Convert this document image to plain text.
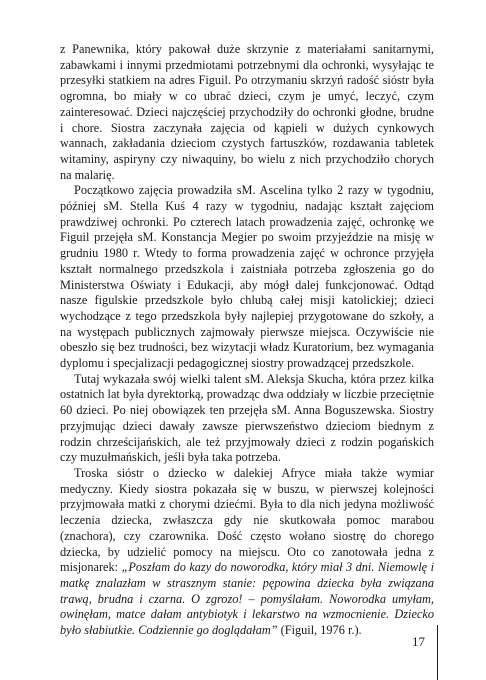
z Panewnika, który pakował duże skrzynie z materiałami sanitarnymi, zabawkami i innymi przedmiotami potrzebnymi dla ochronki, wysyłając te przesyłki statkiem na adres Figuil. Po otrzymaniu skrzyń radość sióstr była ogromna, bo miały w co ubrać dzieci, czym je umyć, leczyć, czym zainteresować. Dzieci najczęściej przychodziły do ochronki głodne, brudne i chore. Siostra zaczynała zajęcia od kąpieli w dużych cynkowych wannach, zakładania dzieciom czystych fartuszków, rozdawania tabletek witaminy, aspiryny czy niwaquiny, bo wielu z nich przychodziło chorych na malarię.

Początkowo zajęcia prowadziła sM. Ascelina tylko 2 razy w tygodniu, później sM. Stella Kuś 4 razy w tygodniu, nadając kształt zajęciom prawdziwej ochronki. Po czterech latach prowadzenia zajęć, ochronkę we Figuil przejęła sM. Konstancja Megier po swoim przyjeździe na misję w grudniu 1980 r. Wtedy to forma prowadzenia zajęć w ochronce przyjęła kształt normalnego przedszkola i zaistniała potrzeba zgłoszenia go do Ministerstwa Oświaty i Edukacji, aby mógł dalej funkcjonować. Odtąd nasze figulskie przedszkole było chlubą całej misji katolickiej; dzieci wychodzące z tego przedszkola były najlepiej przygotowane do szkoły, a na występach publicznych zajmowały pierwsze miejsca. Oczywiście nie obeszło się bez trudności, bez wizytacji władz Kuratorium, bez wymagania dyplomu i specjalizacji pedagogicznej siostry prowadzącej przedszkole.

Tutaj wykazała swój wielki talent sM. Aleksja Skucha, która przez kilka ostatnich lat była dyrektorką, prowadząc dwa oddziały w liczbie przeciętnie 60 dzieci. Po niej obowiązek ten przejęła sM. Anna Boguszewska. Siostry przyjmując dzieci dawały zawsze pierwszeństwo dzieciom biednym z rodzin chrześcijańskich, ale też przyjmowały dzieci z rodzin pogańskich czy muzułmańskich, jeśli była taka potrzeba.

Troska sióstr o dziecko w dalekiej Afryce miała także wymiar medyczny. Kiedy siostra pokazała się w buszu, w pierwszej kolejności przyjmowała matki z chorymi dziećmi. Była to dla nich jedyna możliwość leczenia dziecka, zwłaszcza gdy nie skutkowała pomoc marabou (znachora), czy czarownika. Dość często wołano siostrę do chorego dziecka, by udzielić pomocy na miejscu. Oto co zanotowała jedna z misjonarek: „Poszłam do kazy do noworodka, który miał 3 dni. Niemowlę i matkę znalazłam w strasznym stanie: pępowina dziecka była związana trawą, brudna i czarna. O zgrozo! – pomyślałam. Noworodka umyłam, owinęłam, matce dałam antybiotyk i lekarstwo na wzmocnienie. Dziecko było słabiutkie. Codziennie go doglądałam” (Figuil, 1976 r.).

17
